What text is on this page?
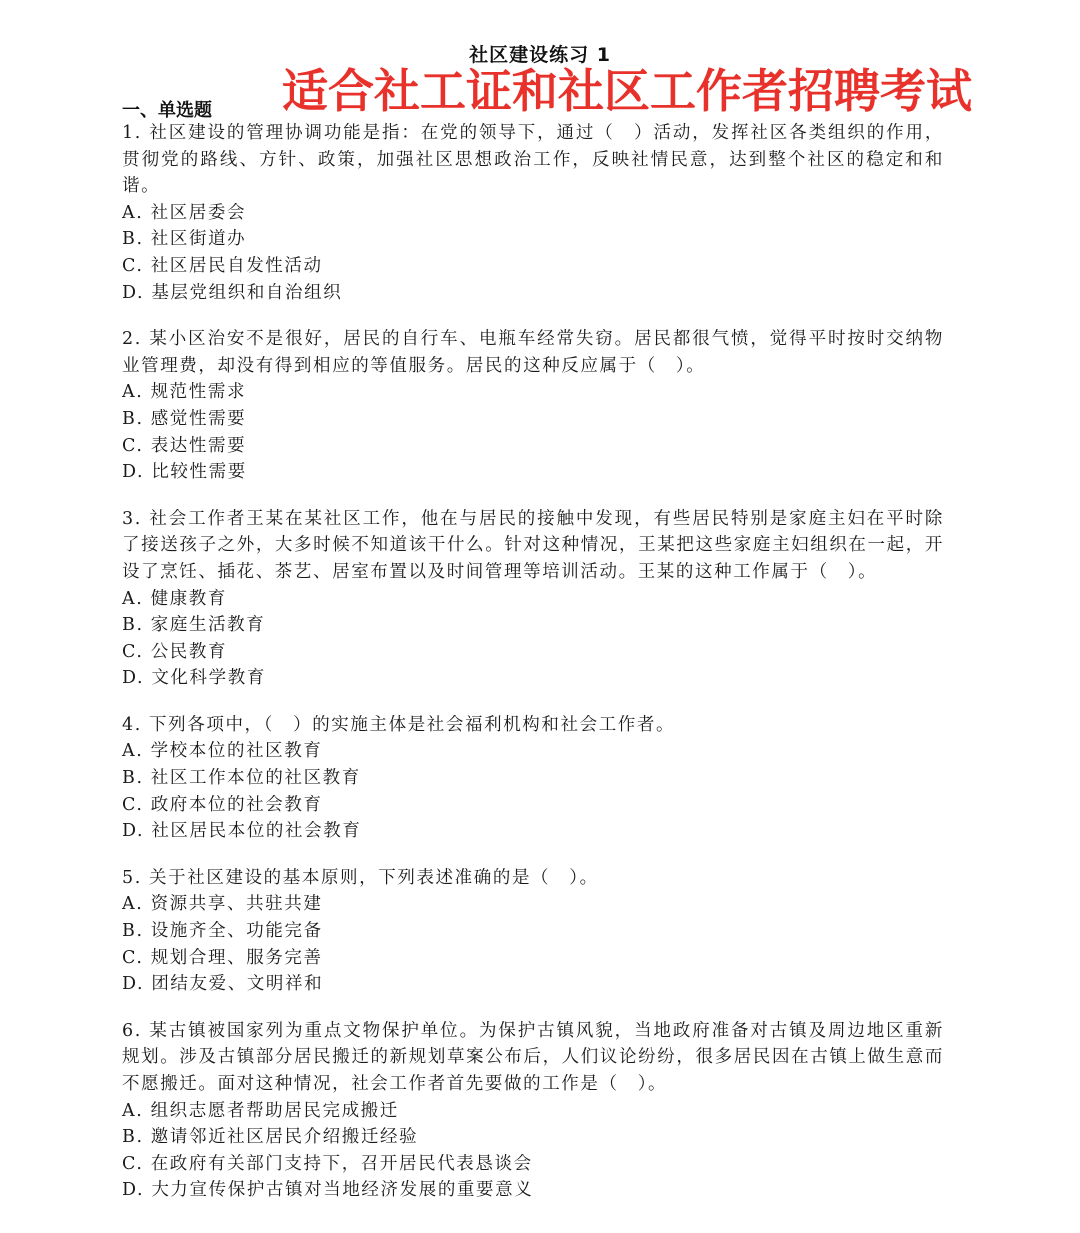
社区建设练习 1
适合社工证和社区工作者招聘考试
一、单选题

1. 社区建设的管理协调功能是指：在党的领导下，通过（　）活动，发挥社区各类组织的作用，贯彻党的路线、方针、政策，加强社区思想政治工作，反映社情民意，达到整个社区的稳定和和谐。

A. 社区居委会

B. 社区街道办

C. 社区居民自发性活动

D. 基层党组织和自治组织

2. 某小区治安不是很好，居民的自行车、电瓶车经常失窃。居民都很气愤，觉得平时按时交纳物业管理费，却没有得到相应的等值服务。居民的这种反应属于（　）。

A. 规范性需求

B. 感觉性需要

C. 表达性需要

D. 比较性需要

3. 社会工作者王某在某社区工作，他在与居民的接触中发现，有些居民特别是家庭主妇在平时除了接送孩子之外，大多时候不知道该干什么。针对这种情况，王某把这些家庭主妇组织在一起，开设了烹饪、插花、茶艺、居室布置以及时间管理等培训活动。王某的这种工作属于（　）。

A. 健康教育

B. 家庭生活教育

C. 公民教育

D. 文化科学教育

4. 下列各项中，（　）的实施主体是社会福利机构和社会工作者。

A. 学校本位的社区教育

B. 社区工作本位的社区教育

C. 政府本位的社会教育

D. 社区居民本位的社会教育

5. 关于社区建设的基本原则，下列表述准确的是（　）。

A. 资源共享、共驻共建

B. 设施齐全、功能完备

C. 规划合理、服务完善

D. 团结友爱、文明祥和

6. 某古镇被国家列为重点文物保护单位。为保护古镇风貌，当地政府准备对古镇及周边地区重新规划。涉及古镇部分居民搬迁的新规划草案公布后，人们议论纷纷，很多居民因在古镇上做生意而不愿搬迁。面对这种情况，社会工作者首先要做的工作是（　）。

A. 组织志愿者帮助居民完成搬迁

B. 邀请邻近社区居民介绍搬迁经验

C. 在政府有关部门支持下，召开居民代表恳谈会

D. 大力宣传保护古镇对当地经济发展的重要意义
